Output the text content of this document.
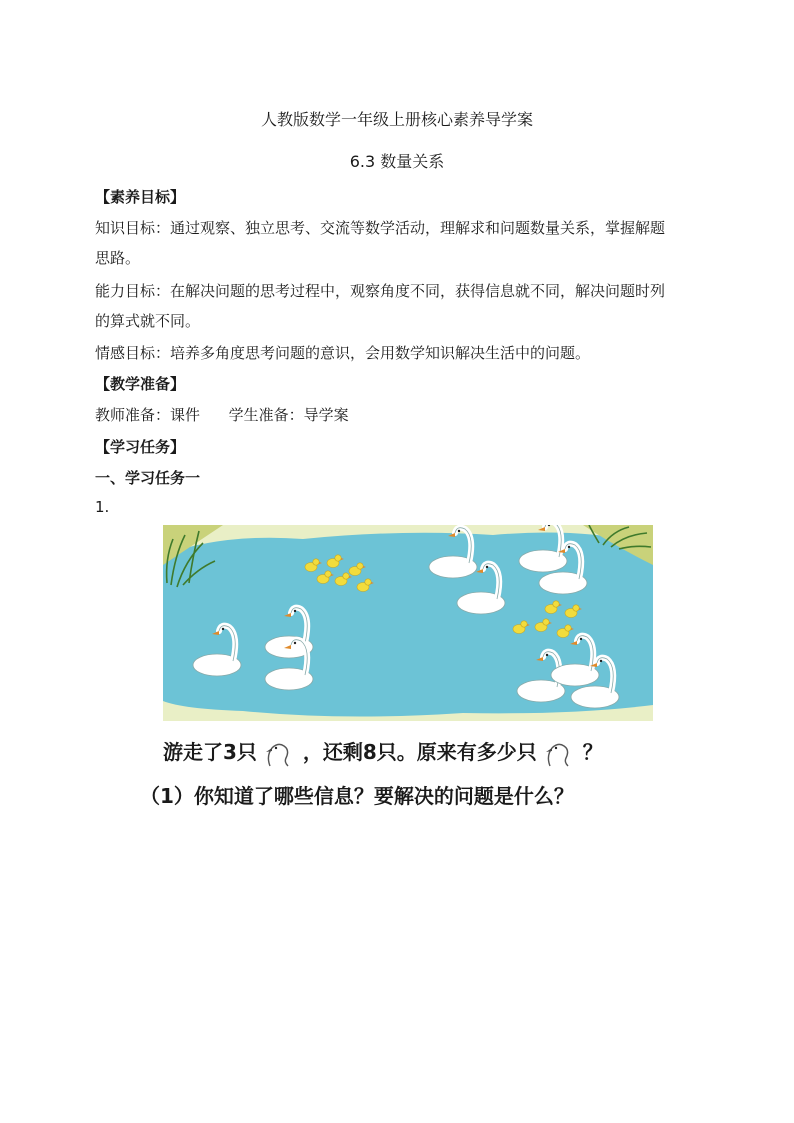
人教版数学一年级上册核心素养导学案
6.3 数量关系
【素养目标】
知识目标：通过观察、独立思考、交流等数学活动，理解求和问题数量关系，掌握解题
思路。
能力目标：在解决问题的思考过程中，观察角度不同，获得信息就不同，解决问题时列
的算式就不同。
情感目标：培养多角度思考问题的意识，会用数学知识解决生活中的问题。
【教学准备】
教师准备：课件      学生准备：导学案
【学习任务】
一、学习任务一
1.
游走了3只 ，还剩8只。原来有多少只 ？
（1）你知道了哪些信息？要解决的问题是什么？
